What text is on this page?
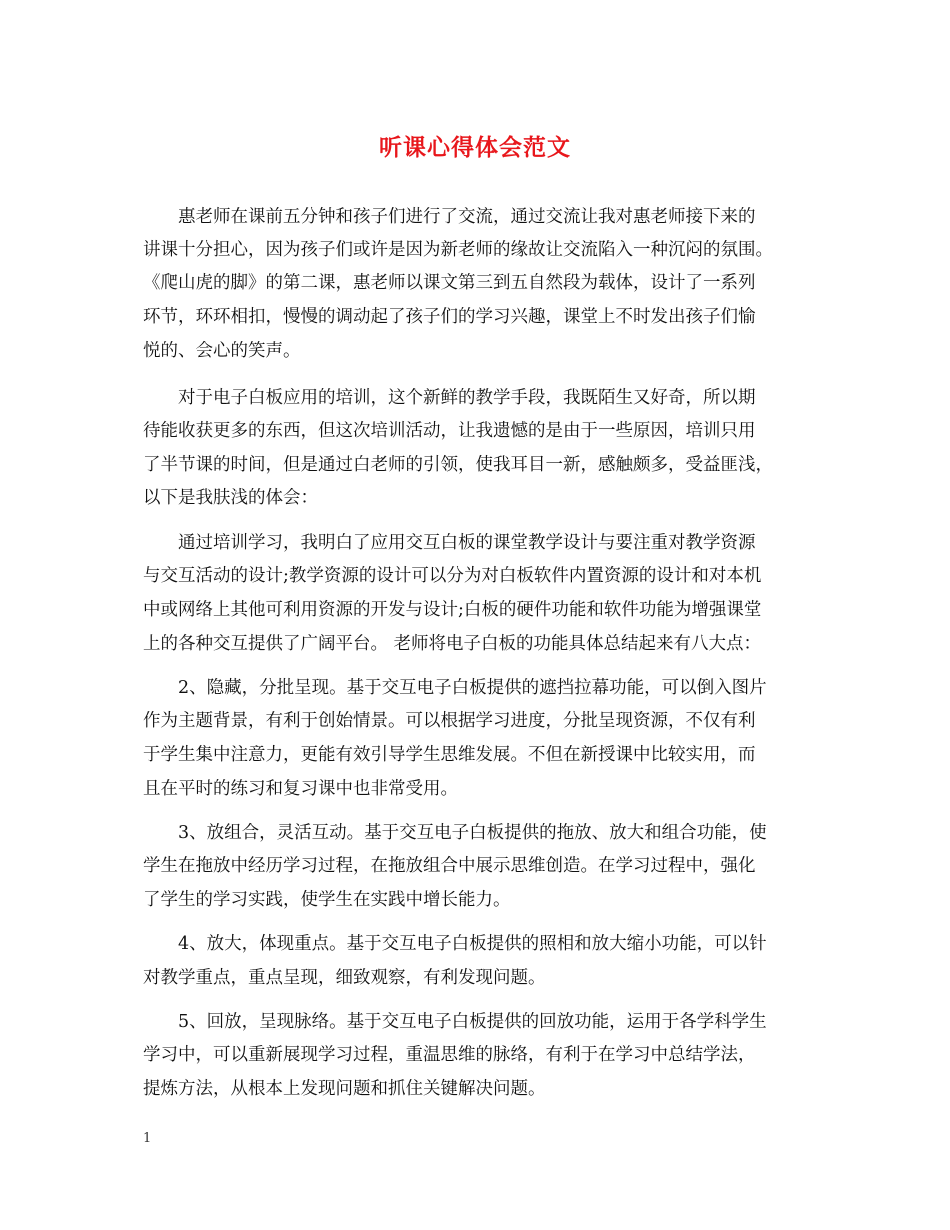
听课心得体会范文
惠老师在课前五分钟和孩子们进行了交流，通过交流让我对惠老师接下来的
讲课十分担心，因为孩子们或许是因为新老师的缘故让交流陷入一种沉闷的氛围。
《爬山虎的脚》的第二课，惠老师以课文第三到五自然段为载体，设计了一系列
环节，环环相扣，慢慢的调动起了孩子们的学习兴趣，课堂上不时发出孩子们愉
悦的、会心的笑声。
对于电子白板应用的培训，这个新鲜的教学手段，我既陌生又好奇，所以期
待能收获更多的东西，但这次培训活动，让我遗憾的是由于一些原因，培训只用
了半节课的时间，但是通过白老师的引领，使我耳目一新，感触颇多，受益匪浅，
以下是我肤浅的体会：
通过培训学习，我明白了应用交互白板的课堂教学设计与要注重对教学资源
与交互活动的设计;教学资源的设计可以分为对白板软件内置资源的设计和对本机
中或网络上其他可利用资源的开发与设计;白板的硬件功能和软件功能为增强课堂
上的各种交互提供了广阔平台。 老师将电子白板的功能具体总结起来有八大点：
2、隐藏，分批呈现。基于交互电子白板提供的遮挡拉幕功能，可以倒入图片
作为主题背景，有利于创始情景。可以根据学习进度，分批呈现资源，不仅有利
于学生集中注意力，更能有效引导学生思维发展。不但在新授课中比较实用，而
且在平时的练习和复习课中也非常受用。
3、放组合，灵活互动。基于交互电子白板提供的拖放、放大和组合功能，使
学生在拖放中经历学习过程，在拖放组合中展示思维创造。在学习过程中，强化
了学生的学习实践，使学生在实践中增长能力。
4、放大，体现重点。基于交互电子白板提供的照相和放大缩小功能，可以针
对教学重点，重点呈现，细致观察，有利发现问题。
5、回放，呈现脉络。基于交互电子白板提供的回放功能，运用于各学科学生
学习中，可以重新展现学习过程，重温思维的脉络，有利于在学习中总结学法，
提炼方法，从根本上发现问题和抓住关键解决问题。
1
